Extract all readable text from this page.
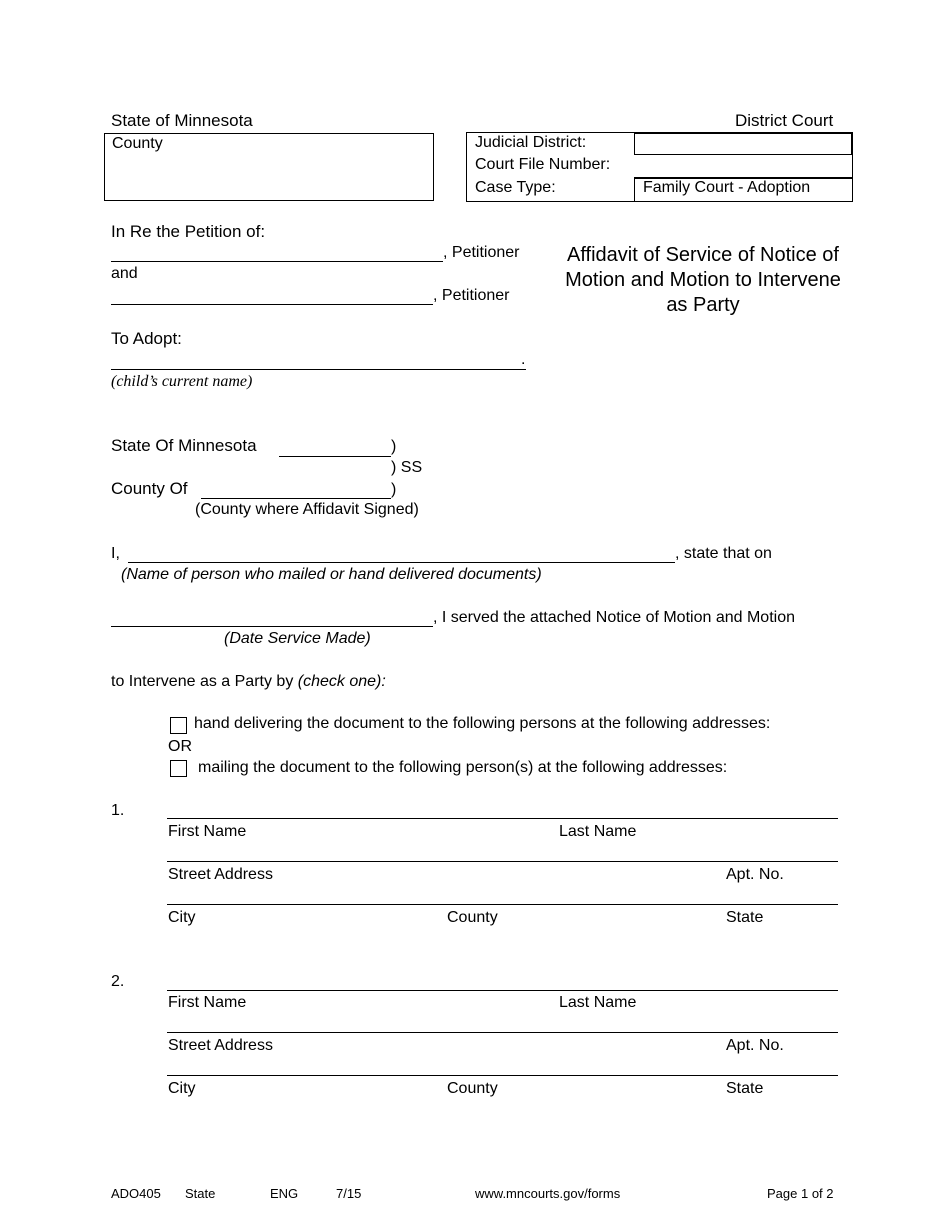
State of Minnesota	District Court
County	Judicial District:
Court File Number:
Case Type:	Family Court - Adoption
In Re the Petition of:
, Petitioner
and
, Petitioner
To Adopt:
.
(child’s current name)
Affidavit of Service of Notice of Motion and Motion to Intervene as Party
State Of Minnesota	)
) SS
County Of	)
(County where Affidavit Signed)
I,	, state that on
(Name of person who mailed or hand delivered documents)
, I served the attached Notice of Motion and Motion
(Date Service Made)
to Intervene as a Party by (check one):
hand delivering the document to the following persons at the following addresses:
OR
mailing the document to the following person(s) at the following addresses:
1.
First Name	Last Name
Street Address	Apt. No.
City	County	State
2.
First Name	Last Name
Street Address	Apt. No.
City	County	State
ADO405 State	ENG	7/15	www.mncourts.gov/forms	Page 1 of 2
